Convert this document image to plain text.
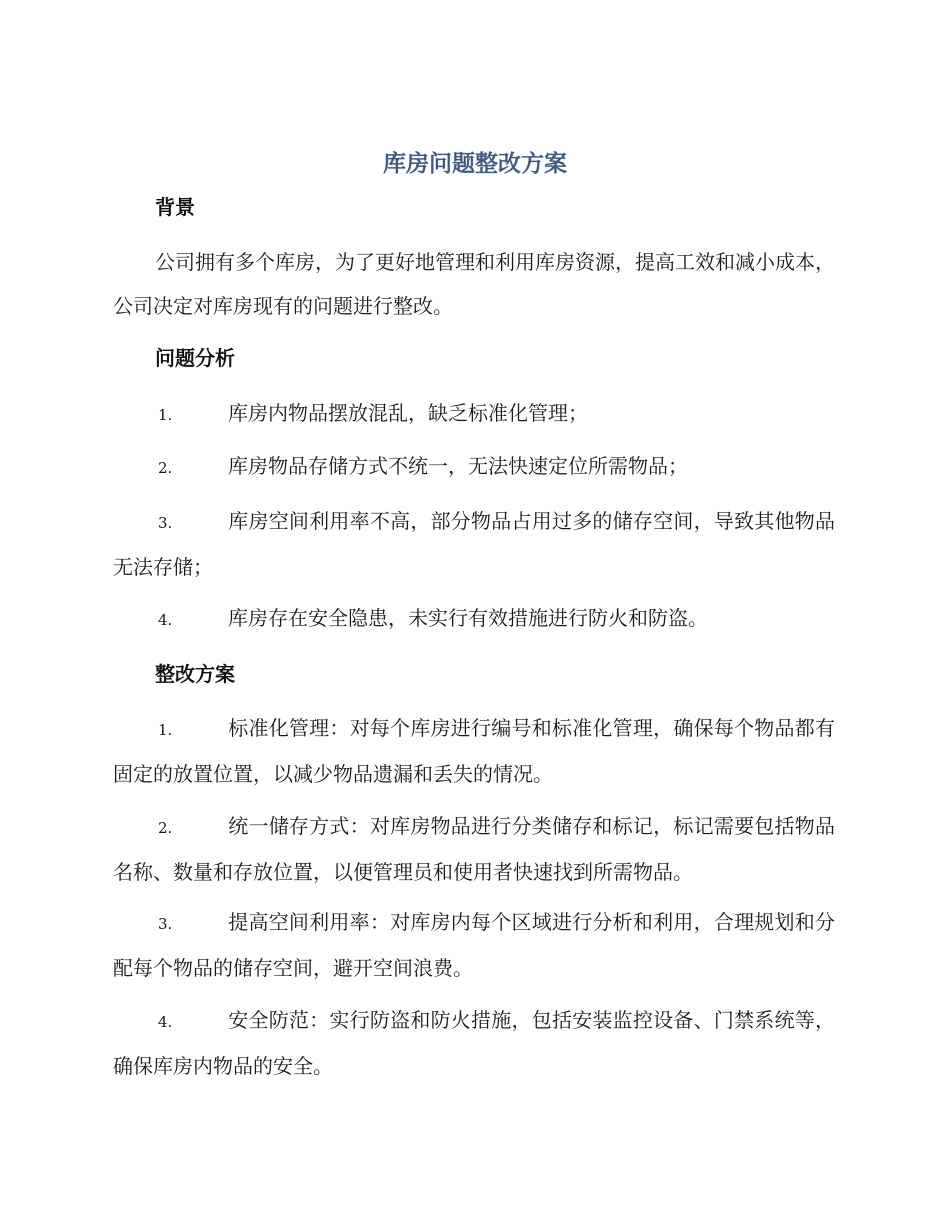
库房问题整改方案
背景
公司拥有多个库房，为了更好地管理和利用库房资源，提高工效和减小成本，公司决定对库房现有的问题进行整改。
问题分析
1.	库房内物品摆放混乱，缺乏标准化管理；
2.	库房物品存储方式不统一，无法快速定位所需物品；
3.	库房空间利用率不高，部分物品占用过多的储存空间，导致其他物品无法存储；
4.	库房存在安全隐患，未实行有效措施进行防火和防盗。
整改方案
1.	标准化管理：对每个库房进行编号和标准化管理，确保每个物品都有固定的放置位置，以减少物品遗漏和丢失的情况。
2.	统一储存方式：对库房物品进行分类储存和标记，标记需要包括物品名称、数量和存放位置，以便管理员和使用者快速找到所需物品。
3.	提高空间利用率：对库房内每个区域进行分析和利用，合理规划和分配每个物品的储存空间，避开空间浪费。
4.	安全防范：实行防盗和防火措施，包括安装监控设备、门禁系统等，确保库房内物品的安全。
